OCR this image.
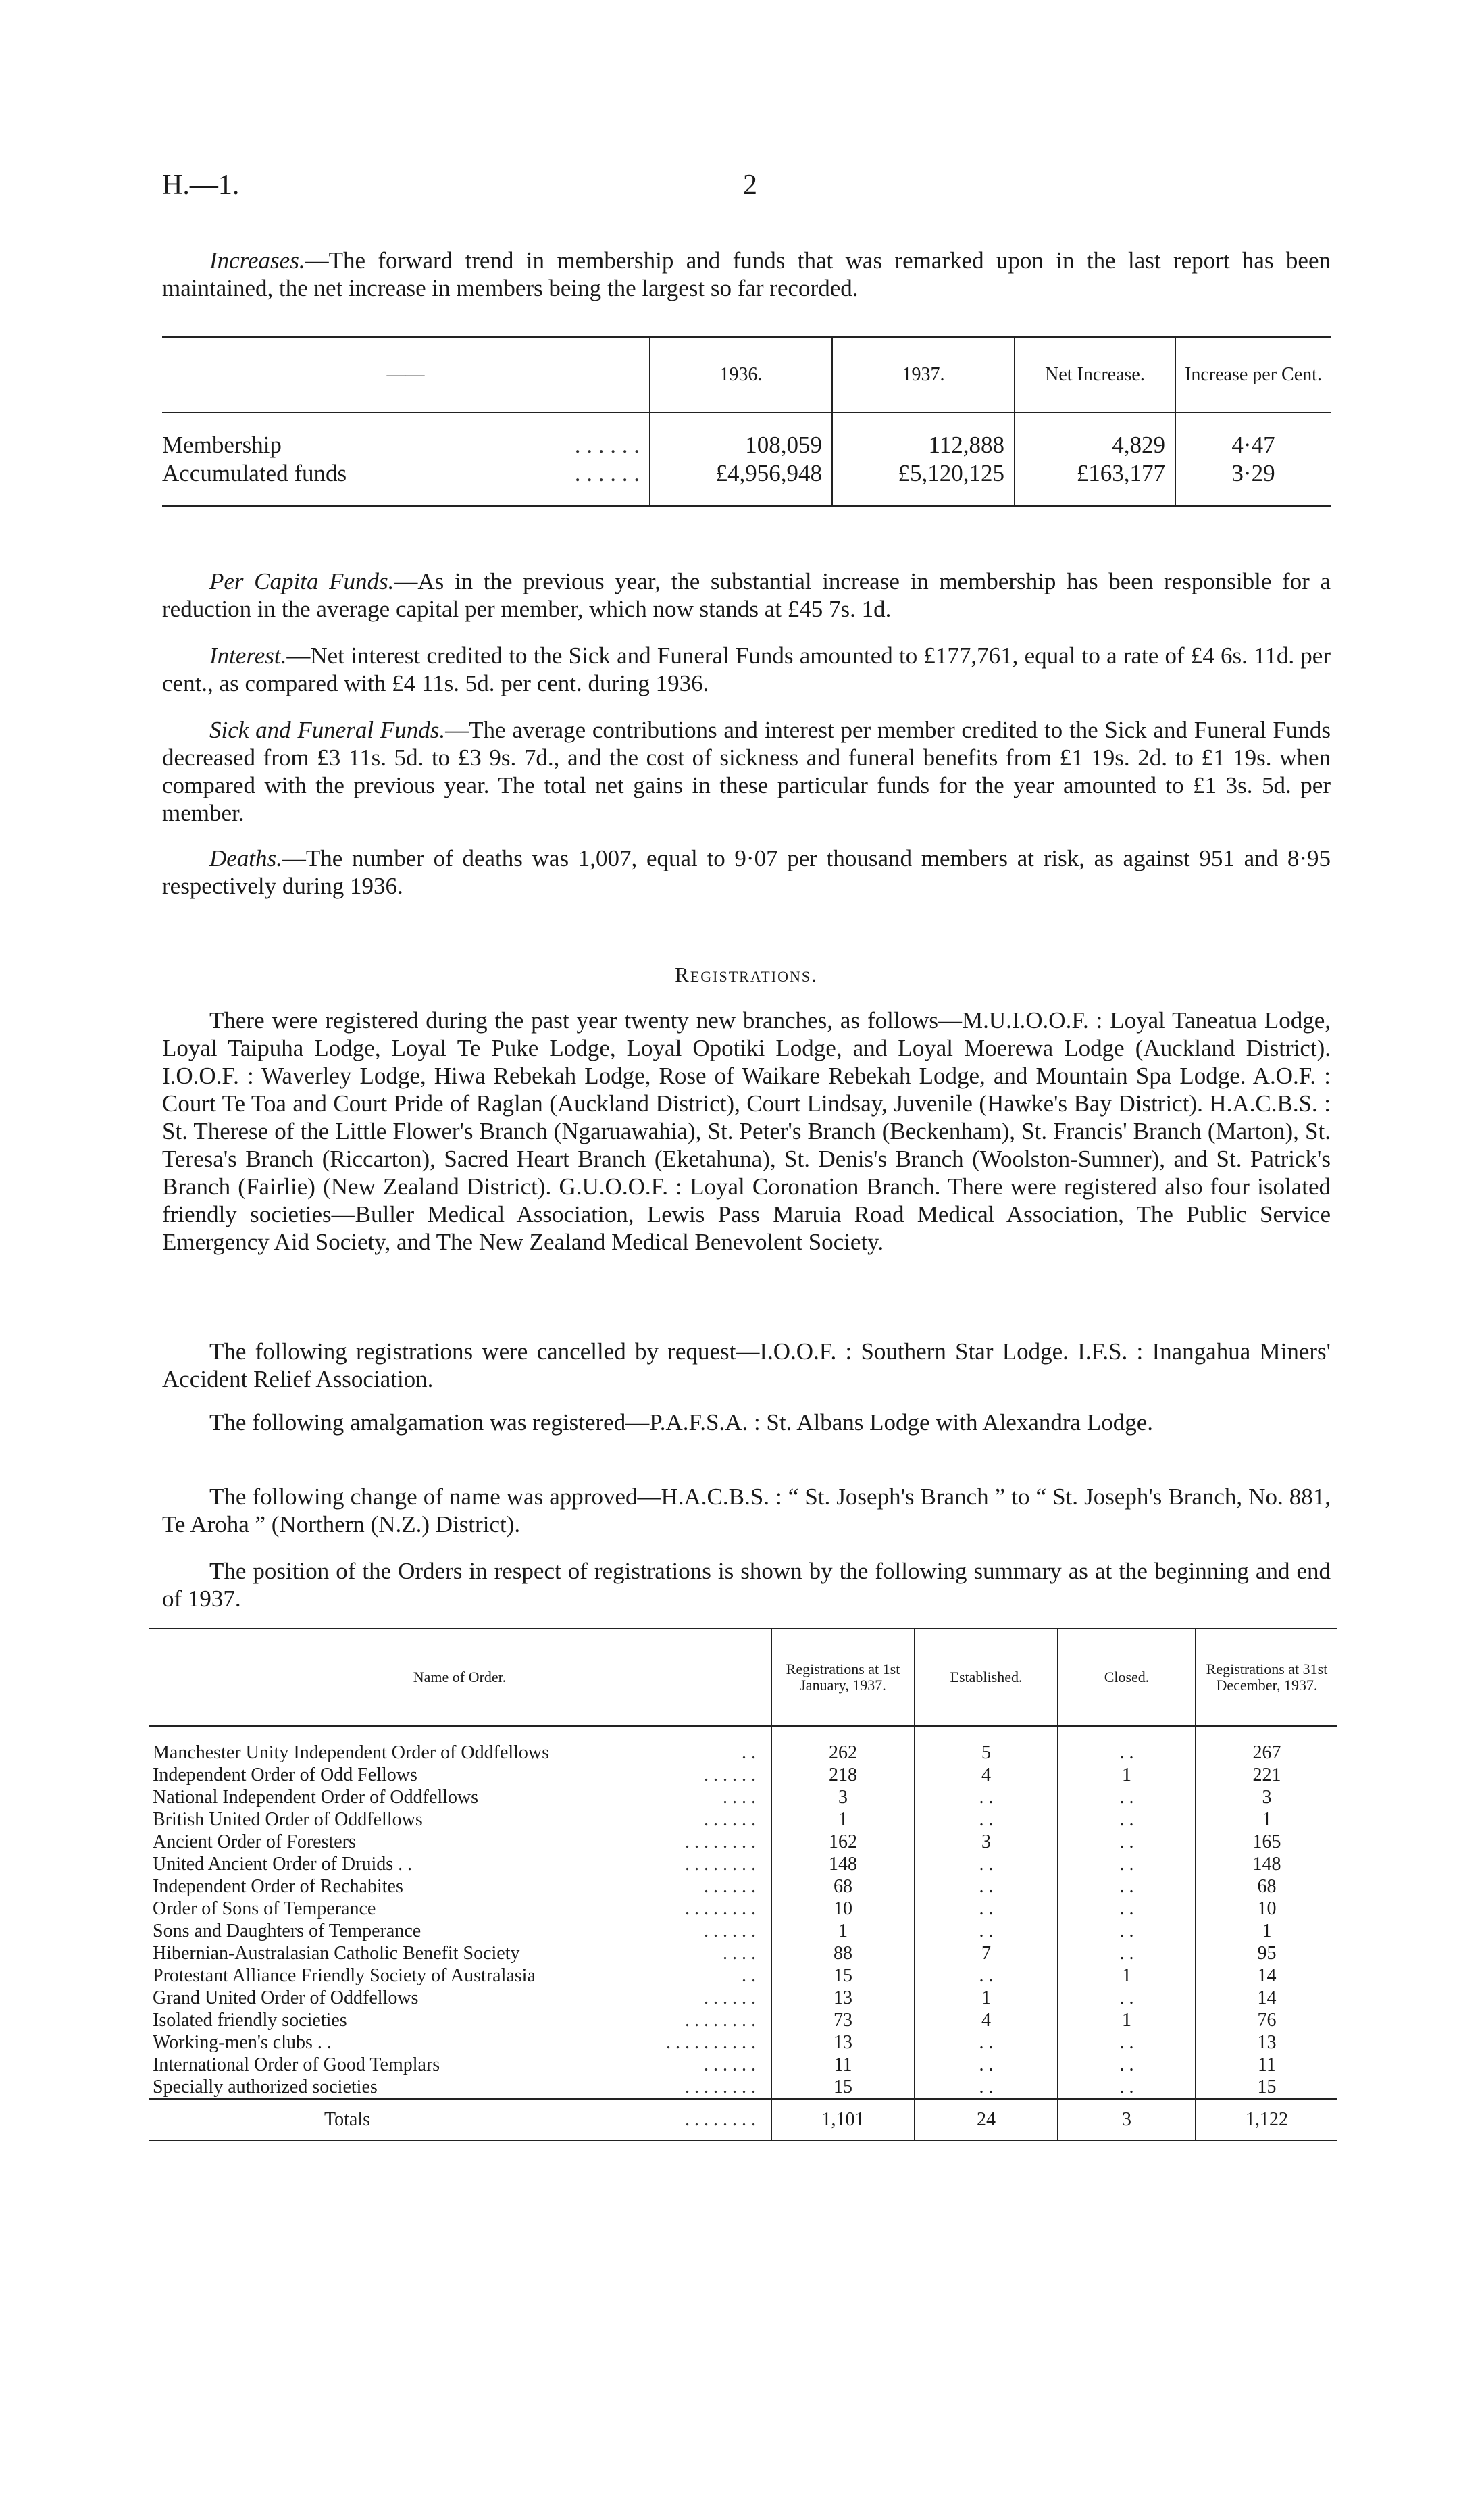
H.—1.	2

Increases.—The forward trend in membership and funds that was remarked upon in the last report has been maintained, the net increase in members being the largest so far recorded.

——	1936.	1937.	Net Increase.	Increase per Cent.

Membership . . . . . .	108,059	112,888	4,829	4·47
Accumulated funds . . . . . .	£4,956,948	£5,120,125	£163,177	3·29

Per Capita Funds.—As in the previous year, the substantial increase in membership has been responsible for a reduction in the average capital per member, which now stands at £45 7s. 1d.

Interest.—Net interest credited to the Sick and Funeral Funds amounted to £177,761, equal to a rate of £4 6s. 11d. per cent., as compared with £4 11s. 5d. per cent. during 1936.

Sick and Funeral Funds.—The average contributions and interest per member credited to the Sick and Funeral Funds decreased from £3 11s. 5d. to £3 9s. 7d., and the cost of sickness and funeral benefits from £1 19s. 2d. to £1 19s. when compared with the previous year. The total net gains in these particular funds for the year amounted to £1 3s. 5d. per member.

Deaths.—The number of deaths was 1,007, equal to 9·07 per thousand members at risk, as against 951 and 8·95 respectively during 1936.

Registrations.

There were registered during the past year twenty new branches, as follows—M.U.I.O.O.F. : Loyal Taneatua Lodge, Loyal Taipuha Lodge, Loyal Te Puke Lodge, Loyal Opotiki Lodge, and Loyal Moerewa Lodge (Auckland District). I.O.O.F. : Waverley Lodge, Hiwa Rebekah Lodge, Rose of Waikare Rebekah Lodge, and Mountain Spa Lodge. A.O.F. : Court Te Toa and Court Pride of Raglan (Auckland District), Court Lindsay, Juvenile (Hawke's Bay District). H.A.C.B.S. : St. Therese of the Little Flower's Branch (Ngaruawahia), St. Peter's Branch (Beckenham), St. Francis' Branch (Marton), St. Teresa's Branch (Riccarton), Sacred Heart Branch (Eketahuna), St. Denis's Branch (Woolston-Sumner), and St. Patrick's Branch (Fairlie) (New Zealand District). G.U.O.O.F. : Loyal Coronation Branch. There were registered also four isolated friendly societies—Buller Medical Association, Lewis Pass Maruia Road Medical Association, The Public Service Emergency Aid Society, and The New Zealand Medical Benevolent Society.

The following registrations were cancelled by request—I.O.O.F. : Southern Star Lodge. I.F.S. : Inangahua Miners' Accident Relief Association.

The following amalgamation was registered—P.A.F.S.A. : St. Albans Lodge with Alexandra Lodge.

The following change of name was approved—H.A.C.B.S. : “ St. Joseph's Branch ” to “ St. Joseph's Branch, No. 881, Te Aroha ” (Northern (N.Z.) District).

The position of the Orders in respect of registrations is shown by the following summary as at the beginning and end of 1937.

Name of Order.	Registrations at 1st January, 1937.	Established.	Closed.	Registrations at 31st December, 1937.

Manchester Unity Independent Order of Oddfellows . .	262	5	. .	267
Independent Order of Odd Fellows . . . . . .	218	4	1	221
National Independent Order of Oddfellows . . . .	3	. .	. .	3
British United Order of Oddfellows . . . . . .	1	. .	. .	1
Ancient Order of Foresters . . . . . . . .	162	3	. .	165
United Ancient Order of Druids . . . . . . . . . .	148	. .	. .	148
Independent Order of Rechabites . . . . . .	68	. .	. .	68
Order of Sons of Temperance . . . . . . . .	10	. .	. .	10
Sons and Daughters of Temperance . . . . . .	1	. .	. .	1
Hibernian-Australasian Catholic Benefit Society . . . .	88	7	. .	95
Protestant Alliance Friendly Society of Australasia . .	15	. .	1	14
Grand United Order of Oddfellows . . . . . .	13	1	. .	14
Isolated friendly societies . . . . . . . .	73	4	1	76
Working-men's clubs . . . . . . . . . . . .	13	. .	. .	13
International Order of Good Templars . . . . . .	11	. .	. .	11
Specially authorized societies . . . . . . . .	15	. .	. .	15
Totals . . . . . . . .	1,101	24	3	1,122
